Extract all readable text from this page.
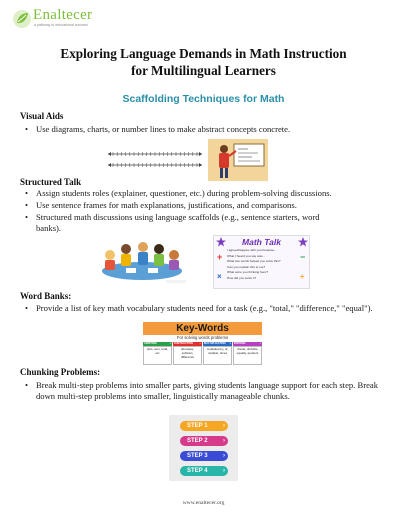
Enaltecer
a pathway to educational success
Exploring Language Demands in Math Instruction
for Multilingual Learners
Scaffolding Techniques for Math
Visual Aids
• Use diagrams, charts, or number lines to make abstract concepts concrete.
Structured Talk
• Assign students roles (explainer, questioner, etc.) during problem-solving discussions.
• Use sentence frames for math explanations, justifications, and comparisons.
• Structured math discussions using language scaffolds (e.g., sentence starters, word banks).
Math Talk
+	−
×	÷
I agree/disagree with you because...
What I heard you say was...
What two words helped you solve this?
Can you explain this to me?
What were you thinking here?
How did you solve it?
Word Banks:
• Provide a list of key math vocabulary students need for a task (e.g., "total," "difference," "equal").
Key-Words
For solving words problems
ADDITION	+
plus, sum, total, etc
SUBTRACTION	−
decrease, subtract, difference
MULTIPLICATION ×
multiplied by, of, multiple, times
DIVISION	÷
divide, divisible equally, quotient
Chunking Problems:
• Break multi-step problems into smaller parts, giving students language support for each step. Break down multi-step problems into smaller, linguistically manageable chunks.
STEP 1	›
STEP 2	›
STEP 3	›
STEP 4	›
www.enaltecer.org
